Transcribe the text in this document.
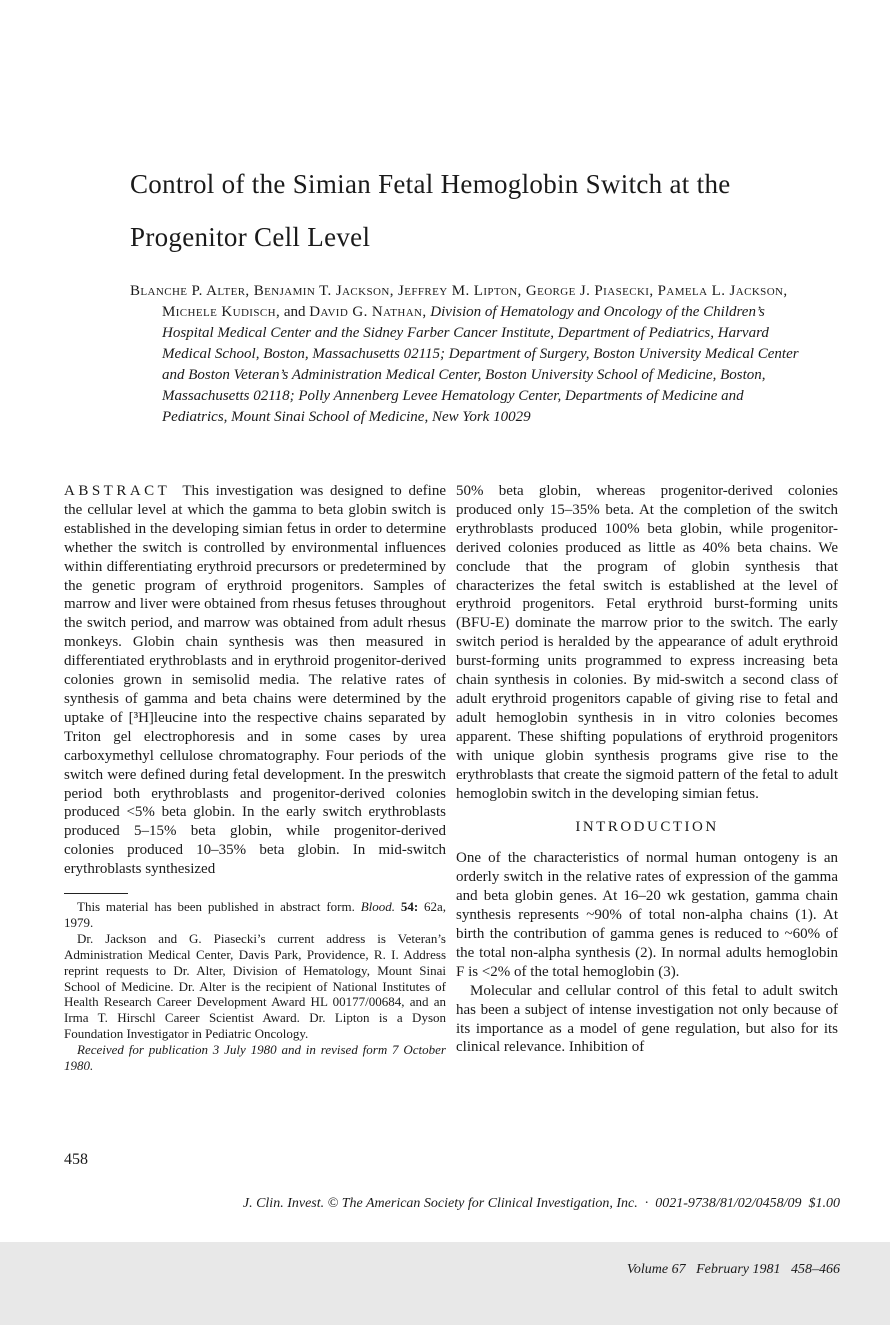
Control of the Simian Fetal Hemoglobin Switch at the Progenitor Cell Level

Blanche P. Alter, Benjamin T. Jackson, Jeffrey M. Lipton, George J. Piasecki, Pamela L. Jackson, Michele Kudisch, and David G. Nathan, Division of Hematology and Oncology of the Children’s Hospital Medical Center and the Sidney Farber Cancer Institute, Department of Pediatrics, Harvard Medical School, Boston, Massachusetts 02115; Department of Surgery, Boston University Medical Center and Boston Veteran’s Administration Medical Center, Boston University School of Medicine, Boston, Massachusetts 02118; Polly Annenberg Levee Hematology Center, Departments of Medicine and Pediatrics, Mount Sinai School of Medicine, New York 10029

ABSTRACT This investigation was designed to define the cellular level at which the gamma to beta globin switch is established in the developing simian fetus in order to determine whether the switch is controlled by environmental influences within differentiating erythroid precursors or predetermined by the genetic program of erythroid progenitors. Samples of marrow and liver were obtained from rhesus fetuses throughout the switch period, and marrow was obtained from adult rhesus monkeys. Globin chain synthesis was then measured in differentiated erythroblasts and in erythroid progenitor-derived colonies grown in semisolid media. The relative rates of synthesis of gamma and beta chains were determined by the uptake of [³H]leucine into the respective chains separated by Triton gel electrophoresis and in some cases by urea carboxymethyl cellulose chromatography. Four periods of the switch were defined during fetal development. In the preswitch period both erythroblasts and progenitor-derived colonies produced <5% beta globin. In the early switch erythroblasts produced 5–15% beta globin, while progenitor-derived colonies produced 10–35% beta globin. In mid-switch erythroblasts synthesized

This material has been published in abstract form. Blood. 54: 62a, 1979.

Dr. Jackson and G. Piasecki’s current address is Veteran’s Administration Medical Center, Davis Park, Providence, R. I. Address reprint requests to Dr. Alter, Division of Hematology, Mount Sinai School of Medicine. Dr. Alter is the recipient of National Institutes of Health Research Career Development Award HL 00177/00684, and an Irma T. Hirschl Career Scientist Award. Dr. Lipton is a Dyson Foundation Investigator in Pediatric Oncology.

Received for publication 3 July 1980 and in revised form 7 October 1980.

50% beta globin, whereas progenitor-derived colonies produced only 15–35% beta. At the completion of the switch erythroblasts produced 100% beta globin, while progenitor-derived colonies produced as little as 40% beta chains. We conclude that the program of globin synthesis that characterizes the fetal switch is established at the level of erythroid progenitors. Fetal erythroid burst-forming units (BFU-E) dominate the marrow prior to the switch. The early switch period is heralded by the appearance of adult erythroid burst-forming units programmed to express increasing beta chain synthesis in colonies. By mid-switch a second class of adult erythroid progenitors capable of giving rise to fetal and adult hemoglobin synthesis in in vitro colonies becomes apparent. These shifting populations of erythroid progenitors with unique globin synthesis programs give rise to the erythroblasts that create the sigmoid pattern of the fetal to adult hemoglobin switch in the developing simian fetus.

INTRODUCTION

One of the characteristics of normal human ontogeny is an orderly switch in the relative rates of expression of the gamma and beta globin genes. At 16–20 wk gestation, gamma chain synthesis represents ~90% of total non-alpha chains (1). At birth the contribution of gamma genes is reduced to ~60% of the total non-alpha synthesis (2). In normal adults hemoglobin F is <2% of the total hemoglobin (3).

Molecular and cellular control of this fetal to adult switch has been a subject of intense investigation not only because of its importance as a model of gene regulation, but also for its clinical relevance. Inhibition of

458

J. Clin. Invest. © The American Society for Clinical Investigation, Inc.  ·  0021-9738/81/02/0458/09  $1.00

Volume 67   February 1981   458–466
